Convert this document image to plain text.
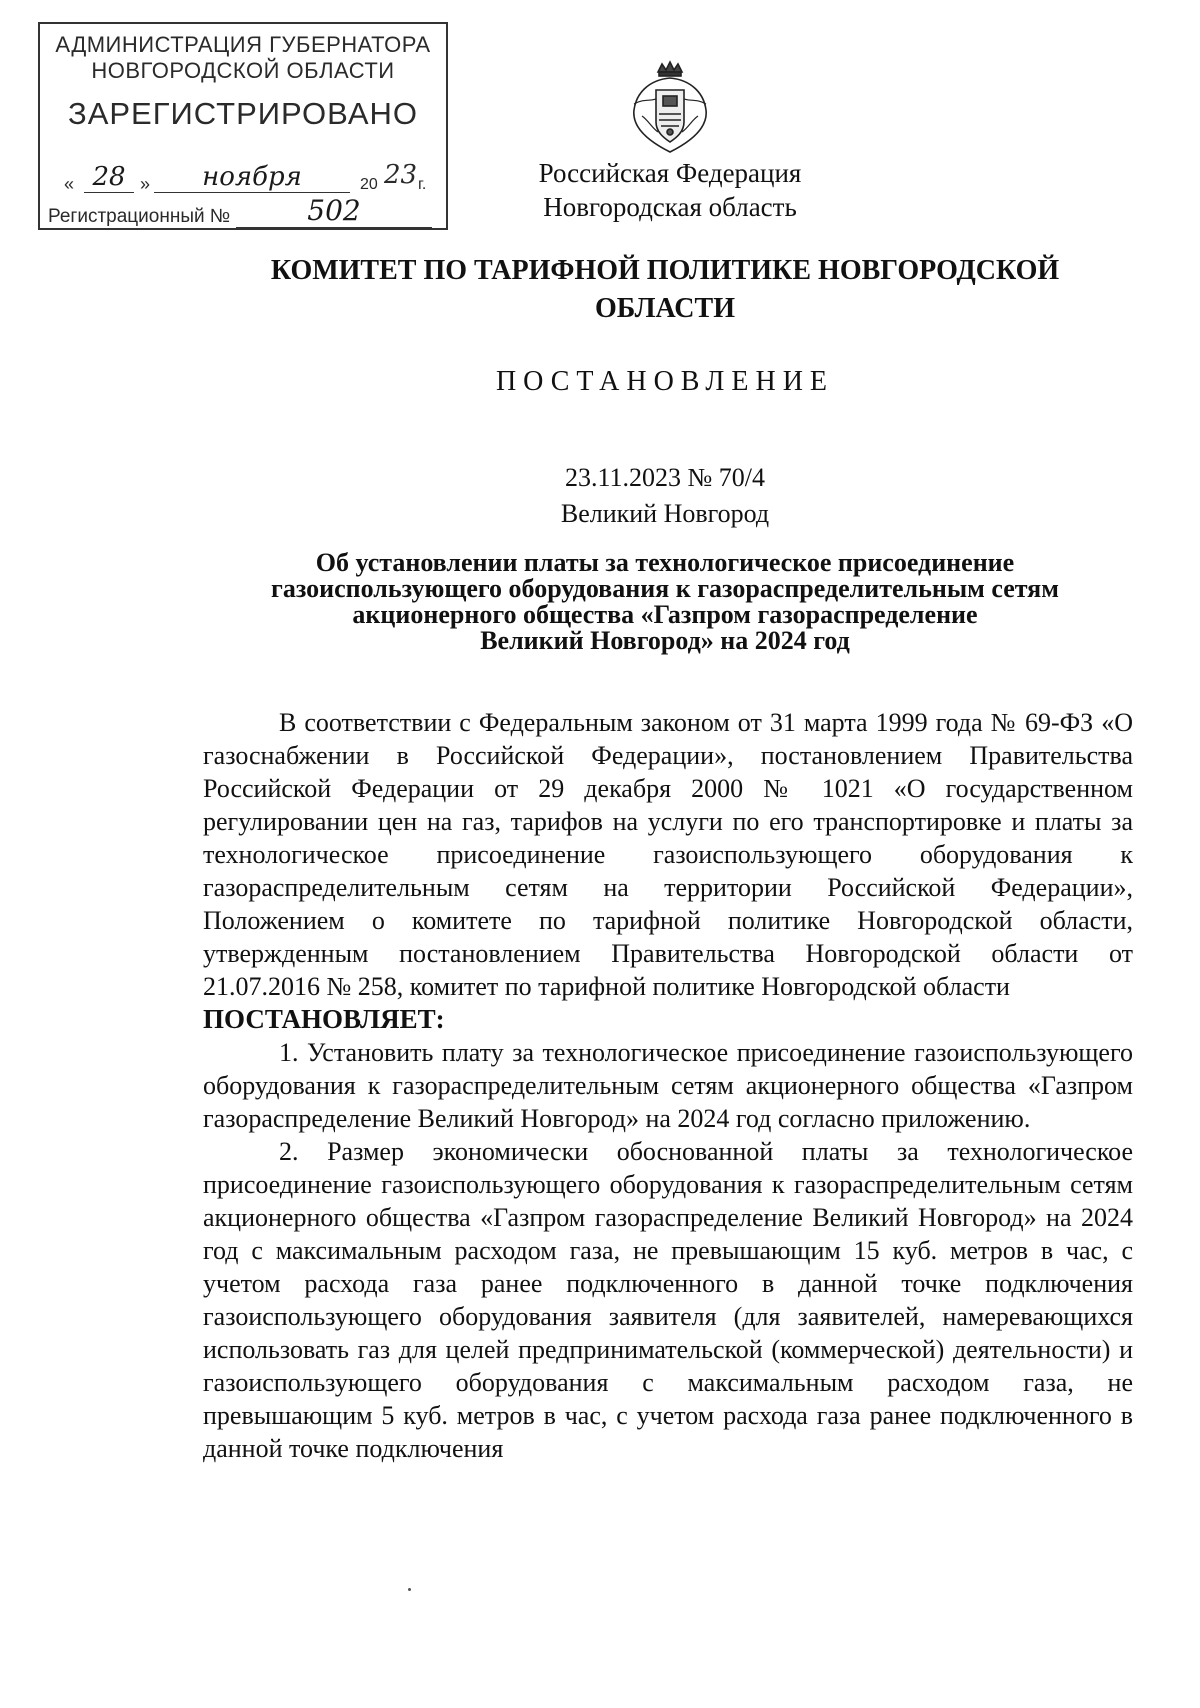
АДМИНИСТРАЦИЯ ГУБЕРНАТОРА
НОВГОРОДСКОЙ ОБЛАСТИ
ЗАРЕГИСТРИРОВАНО
« 28 »	ноября	20 23 г.
Регистрационный №	502
Российская Федерация
Новгородская область
КОМИТЕТ ПО ТАРИФНОЙ ПОЛИТИКЕ НОВГОРОДСКОЙ ОБЛАСТИ
ПОСТАНОВЛЕНИЕ
23.11.2023 № 70/4
Великий Новгород
Об установлении платы за технологическое присоединение
газоиспользующего оборудования к газораспределительным сетям
акционерного общества «Газпром газораспределение
Великий Новгород» на 2024 год

В соответствии с Федеральным законом от 31 марта 1999 года № 69-ФЗ «О газоснабжении в Российской Федерации», постановлением Правительства Российской Федерации от 29 декабря 2000 № 1021 «О государственном регулировании цен на газ, тарифов на услуги по его транспортировке и платы за технологическое присоединение газоиспользующего оборудования к газораспределительным сетям на территории Российской Федерации», Положением о комитете по тарифной политике Новгородской области, утвержденным постановлением Правительства Новгородской области от 21.07.2016 № 258, комитет по тарифной политике Новгородской области

ПОСТАНОВЛЯЕТ:

1. Установить плату за технологическое присоединение газоиспользующего оборудования к газораспределительным сетям акционерного общества «Газпром газораспределение Великий Новгород» на 2024 год согласно приложению.

2. Размер экономически обоснованной платы за технологическое присоединение газоиспользующего оборудования к газораспределительным сетям акционерного общества «Газпром газораспределение Великий Новгород» на 2024 год с максимальным расходом газа, не превышающим 15 куб. метров в час, с учетом расхода газа ранее подключенного в данной точке подключения газоиспользующего оборудования заявителя (для заявителей, намеревающихся использовать газ для целей предпринимательской (коммерческой) деятельности) и газоиспользующего оборудования с максимальным расходом газа, не превышающим 5 куб. метров в час, с учетом расхода газа ранее подключенного в данной точке подключения
